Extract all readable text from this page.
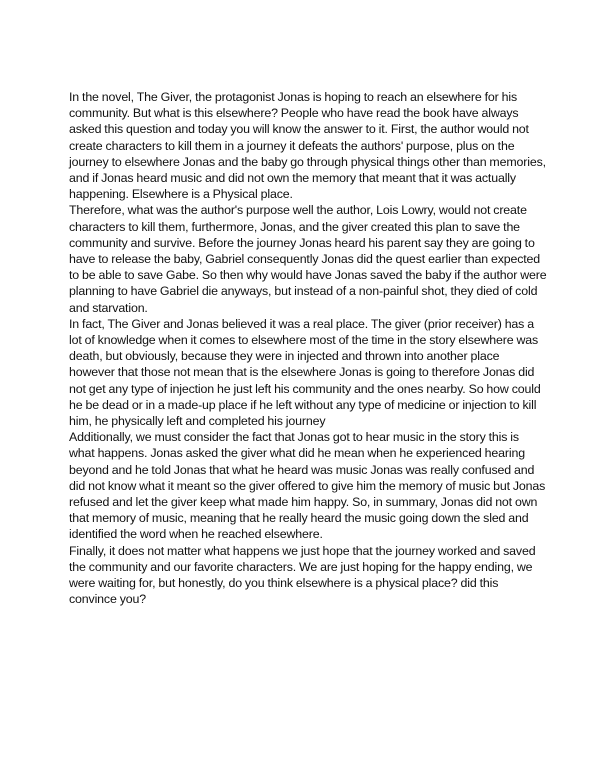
In the novel, The Giver, the protagonist Jonas is hoping to reach an elsewhere for his community. But what is this elsewhere? People who have read the book have always asked this question and today you will know the answer to it. First, the author would not create characters to kill them in a journey it defeats the authors' purpose, plus on the journey to elsewhere Jonas and the baby go through physical things other than memories, and if Jonas heard music and did not own the memory that meant that it was actually happening. Elsewhere is a Physical place.

Therefore, what was the author's purpose well the author, Lois Lowry, would not create characters to kill them, furthermore, Jonas, and the giver created this plan to save the community and survive. Before the journey Jonas heard his parent say they are going to have to release the baby, Gabriel consequently Jonas did the quest earlier than expected to be able to save Gabe. So then why would have Jonas saved the baby if the author were planning to have Gabriel die anyways, but instead of a non-painful shot, they died of cold and starvation.

In fact, The Giver and Jonas believed it was a real place. The giver (prior receiver) has a lot of knowledge when it comes to elsewhere most of the time in the story elsewhere was death, but obviously, because they were in injected and thrown into another place however that those not mean that is the elsewhere Jonas is going to therefore Jonas did not get any type of injection he just left his community and the ones nearby. So how could he be dead or in a made-up place if he left without any type of medicine or injection to kill him, he physically left and completed his journey

Additionally, we must consider the fact that Jonas got to hear music in the story this is what happens. Jonas asked the giver what did he mean when he experienced hearing beyond and he told Jonas that what he heard was music Jonas was really confused and did not know what it meant so the giver offered to give him the memory of music but Jonas refused and let the giver keep what made him happy. So, in summary, Jonas did not own that memory of music, meaning that he really heard the music going down the sled and identified the word when he reached elsewhere.

Finally, it does not matter what happens we just hope that the journey worked and saved the community and our favorite characters. We are just hoping for the happy ending, we were waiting for, but honestly, do you think elsewhere is a physical place? did this convince you?
